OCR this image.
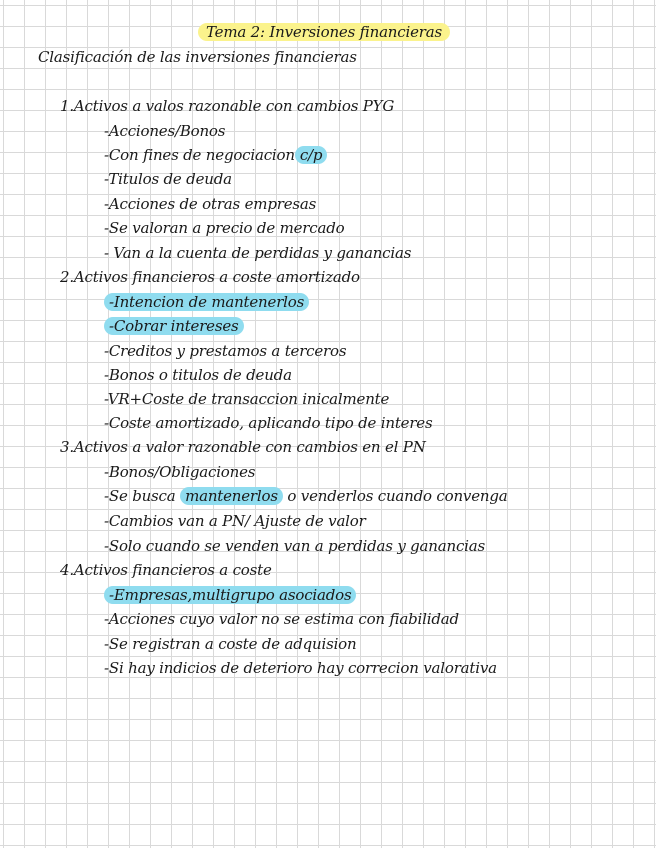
Tema 2: Inversiones financieras
Clasificación de las inversiones financieras
1.Activos a valos razonable con cambios PYG
-Acciones/Bonos
-Con fines de negociacion c/p
-Titulos de deuda
-Acciones de otras empresas
-Se valoran a precio de mercado
- Van a la cuenta de perdidas y ganancias
2.Activos financieros a coste amortizado
-Intencion de mantenerlos
-Cobrar intereses
-Creditos y prestamos a terceros
-Bonos o titulos de deuda
-VR+Coste de transaccion inicalmente
-Coste amortizado, aplicando tipo de interes
3.Activos a valor razonable con cambios en el PN
-Bonos/Obligaciones
-Se busca mantenerlos o venderlos cuando convenga
-Cambios van a PN/ Ajuste de valor
-Solo cuando se venden van a perdidas y ganancias
4.Activos financieros a coste
-Empresas,multigrupo asociados
-Acciones cuyo valor no se estima con fiabilidad
-Se registran a coste de adquision
-Si hay indicios de deterioro hay correcion valorativa
